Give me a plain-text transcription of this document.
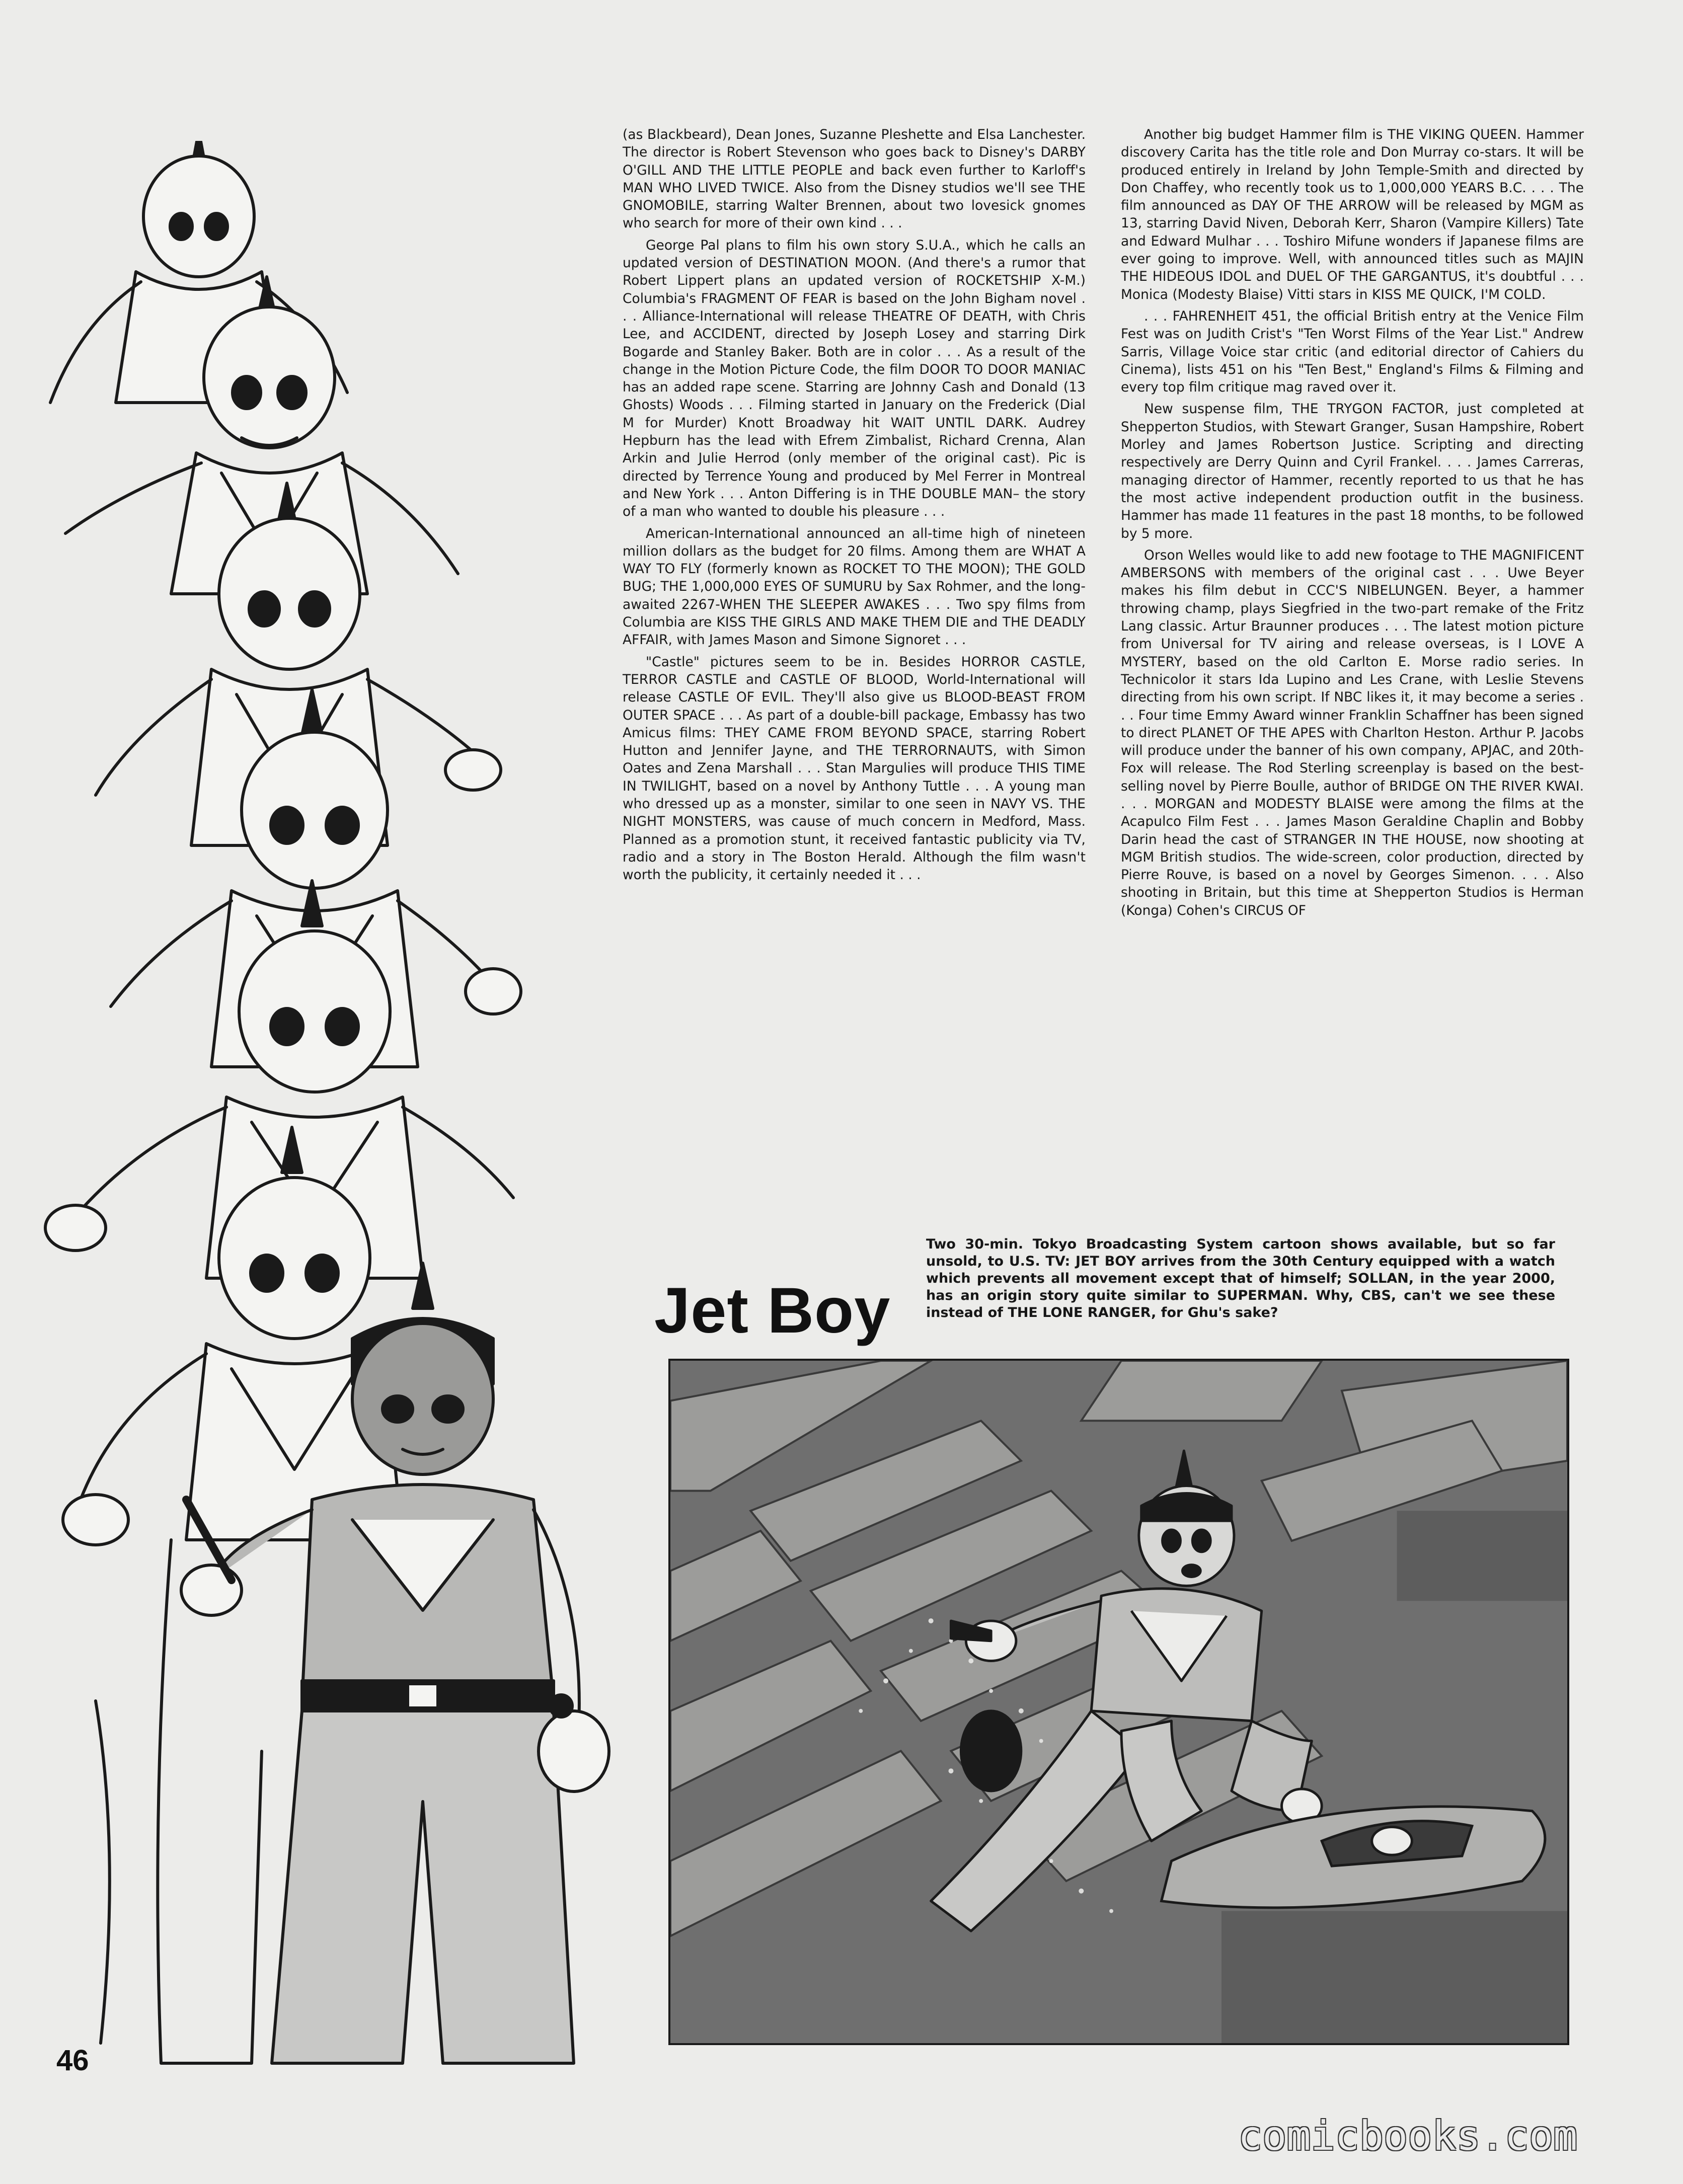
(as Blackbeard), Dean Jones, Suzanne Pleshette and Elsa Lanchester. The director is Robert Stevenson who goes back to Disney's DARBY O'GILL AND THE LITTLE PEOPLE and back even further to Karloff's MAN WHO LIVED TWICE. Also from the Disney studios we'll see THE GNOMOBILE, starring Walter Brennen, about two lovesick gnomes who search for more of their own kind . . .

George Pal plans to film his own story S.U.A., which he calls an updated version of DESTINATION MOON. (And there's a rumor that Robert Lippert plans an updated version of ROCKETSHIP X-M.) Columbia's FRAGMENT OF FEAR is based on the John Bigham novel . . . Alliance-International will release THEATRE OF DEATH, with Chris Lee, and ACCIDENT, directed by Joseph Losey and starring Dirk Bogarde and Stanley Baker. Both are in color . . . As a result of the change in the Motion Picture Code, the film DOOR TO DOOR MANIAC has an added rape scene. Starring are Johnny Cash and Donald (13 Ghosts) Woods . . . Filming started in January on the Frederick (Dial M for Murder) Knott Broadway hit WAIT UNTIL DARK. Audrey Hepburn has the lead with Efrem Zimbalist, Richard Crenna, Alan Arkin and Julie Herrod (only member of the original cast). Pic is directed by Terrence Young and produced by Mel Ferrer in Montreal and New York . . . Anton Differing is in THE DOUBLE MAN– the story of a man who wanted to double his pleasure . . .

American-International announced an all-time high of nineteen million dollars as the budget for 20 films. Among them are WHAT A WAY TO FLY (formerly known as ROCKET TO THE MOON); THE GOLD BUG; THE 1,000,000 EYES OF SUMURU by Sax Rohmer, and the long-awaited 2267-WHEN THE SLEEPER AWAKES . . . Two spy films from Columbia are KISS THE GIRLS AND MAKE THEM DIE and THE DEADLY AFFAIR, with James Mason and Simone Signoret . . .

"Castle" pictures seem to be in. Besides HORROR CASTLE, TERROR CASTLE and CASTLE OF BLOOD, World-International will release CASTLE OF EVIL. They'll also give us BLOOD-BEAST FROM OUTER SPACE . . . As part of a double-bill package, Embassy has two Amicus films: THEY CAME FROM BEYOND SPACE, starring Robert Hutton and Jennifer Jayne, and THE TERRORNAUTS, with Simon Oates and Zena Marshall . . . Stan Margulies will produce THIS TIME IN TWILIGHT, based on a novel by Anthony Tuttle . . . A young man who dressed up as a monster, similar to one seen in NAVY VS. THE NIGHT MONSTERS, was cause of much concern in Medford, Mass. Planned as a promotion stunt, it received fantastic publicity via TV, radio and a story in The Boston Herald. Although the film wasn't worth the publicity, it certainly needed it . . .

Another big budget Hammer film is THE VIKING QUEEN. Hammer discovery Carita has the title role and Don Murray co-stars. It will be produced entirely in Ireland by John Temple-Smith and directed by Don Chaffey, who recently took us to 1,000,000 YEARS B.C. . . . The film announced as DAY OF THE ARROW will be released by MGM as 13, starring David Niven, Deborah Kerr, Sharon (Vampire Killers) Tate and Edward Mulhar . . . Toshiro Mifune wonders if Japanese films are ever going to improve. Well, with announced titles such as MAJIN THE HIDEOUS IDOL and DUEL OF THE GARGANTUS, it's doubtful . . . Monica (Modesty Blaise) Vitti stars in KISS ME QUICK, I'M COLD.

. . . FAHRENHEIT 451, the official British entry at the Venice Film Fest was on Judith Crist's "Ten Worst Films of the Year List." Andrew Sarris, Village Voice star critic (and editorial director of Cahiers du Cinema), lists 451 on his "Ten Best," England's Films & Filming and every top film critique mag raved over it.

New suspense film, THE TRYGON FACTOR, just completed at Shepperton Studios, with Stewart Granger, Susan Hampshire, Robert Morley and James Robertson Justice. Scripting and directing respectively are Derry Quinn and Cyril Frankel. . . . James Carreras, managing director of Hammer, recently reported to us that he has the most active independent production outfit in the business. Hammer has made 11 features in the past 18 months, to be followed by 5 more.

Orson Welles would like to add new footage to THE MAGNIFICENT AMBERSONS with members of the original cast . . . Uwe Beyer makes his film debut in CCC'S NIBELUNGEN. Beyer, a hammer throwing champ, plays Siegfried in the two-part remake of the Fritz Lang classic. Artur Braunner produces . . . The latest motion picture from Universal for TV airing and release overseas, is I LOVE A MYSTERY, based on the old Carlton E. Morse radio series. In Technicolor it stars Ida Lupino and Les Crane, with Leslie Stevens directing from his own script. If NBC likes it, it may become a series . . . Four time Emmy Award winner Franklin Schaffner has been signed to direct PLANET OF THE APES with Charlton Heston. Arthur P. Jacobs will produce under the banner of his own company, APJAC, and 20th-Fox will release. The Rod Sterling screenplay is based on the best-selling novel by Pierre Boulle, author of BRIDGE ON THE RIVER KWAI. . . . MORGAN and MODESTY BLAISE were among the films at the Acapulco Film Fest . . . James Mason Geraldine Chaplin and Bobby Darin head the cast of STRANGER IN THE HOUSE, now shooting at MGM British studios. The wide-screen, color production, directed by Pierre Rouve, is based on a novel by Georges Simenon. . . . Also shooting in Britain, but this time at Shepperton Studios is Herman (Konga) Cohen's CIRCUS OF

Jet Boy
Two 30-min. Tokyo Broadcasting System cartoon shows available, but so far unsold, to U.S. TV: JET BOY arrives from the 30th Century equipped with a watch which prevents all movement except that of himself; SOLLAN, in the year 2000, has an origin story quite similar to SUPERMAN. Why, CBS, can't we see these instead of THE LONE RANGER, for Ghu's sake?
46
comicbooks.com
